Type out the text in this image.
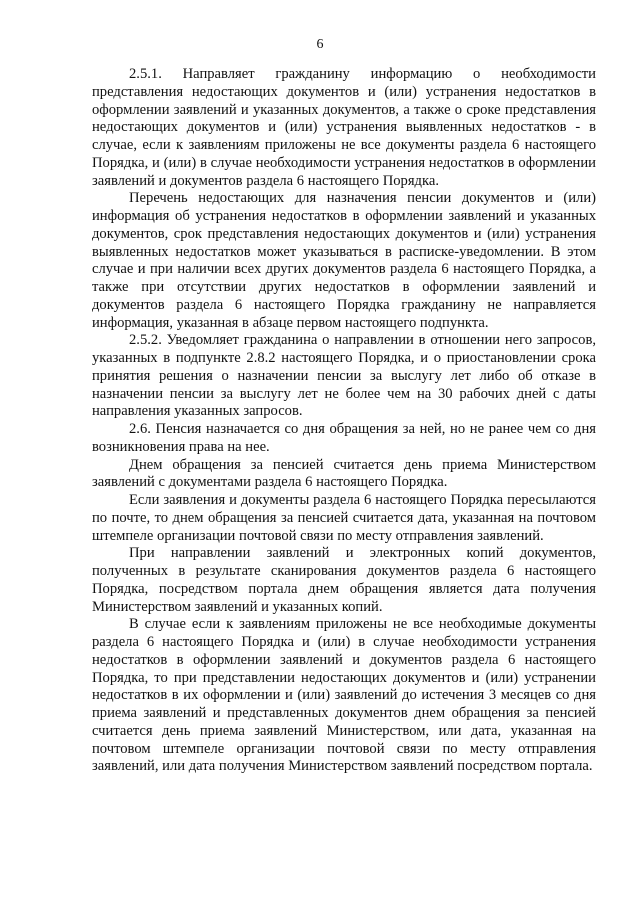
6

2.5.1. Направляет гражданину информацию о необходимости представления недостающих документов и (или) устранения недостатков в оформлении заявлений и указанных документов, а также о сроке представления недостающих документов и (или) устранения выявленных недостатков - в случае, если к заявлениям приложены не все документы раздела 6 настоящего Порядка, и (или) в случае необходимости устранения недостатков в оформлении заявлений и документов раздела 6 настоящего Порядка.

Перечень недостающих для назначения пенсии документов и (или) информация об устранения недостатков в оформлении заявлений и указанных документов, срок представления недостающих документов и (или) устранения выявленных недостатков может указываться в расписке-уведомлении. В этом случае и при наличии всех других документов раздела 6 настоящего Порядка, а также при отсутствии других недостатков в оформлении заявлений и документов раздела 6 настоящего Порядка гражданину не направляется информация, указанная в абзаце первом настоящего подпункта.

2.5.2. Уведомляет гражданина о направлении в отношении него запросов, указанных в подпункте 2.8.2 настоящего Порядка, и о приостановлении срока принятия решения о назначении пенсии за выслугу лет либо об отказе в назначении пенсии за выслугу лет не более чем на 30 рабочих дней с даты направления указанных запросов.

2.6. Пенсия назначается со дня обращения за ней, но не ранее чем со дня возникновения права на нее.

Днем обращения за пенсией считается день приема Министерством заявлений с документами раздела 6 настоящего Порядка.

Если заявления и документы раздела 6 настоящего Порядка пересылаются по почте, то днем обращения за пенсией считается дата, указанная на почтовом штемпеле организации почтовой связи по месту отправления заявлений.

При направлении заявлений и электронных копий документов, полученных в результате сканирования документов раздела 6 настоящего Порядка, посредством портала днем обращения является дата получения Министерством заявлений и указанных копий.

В случае если к заявлениям приложены не все необходимые документы раздела 6 настоящего Порядка и (или) в случае необходимости устранения недостатков в оформлении заявлений и документов раздела 6 настоящего Порядка, то при представлении недостающих документов и (или) устранении недостатков в их оформлении и (или) заявлений до истечения 3 месяцев со дня приема заявлений и представленных документов днем обращения за пенсией считается день приема заявлений Министерством, или дата, указанная на почтовом штемпеле организации почтовой связи по месту отправления заявлений, или дата получения Министерством заявлений посредством портала.
